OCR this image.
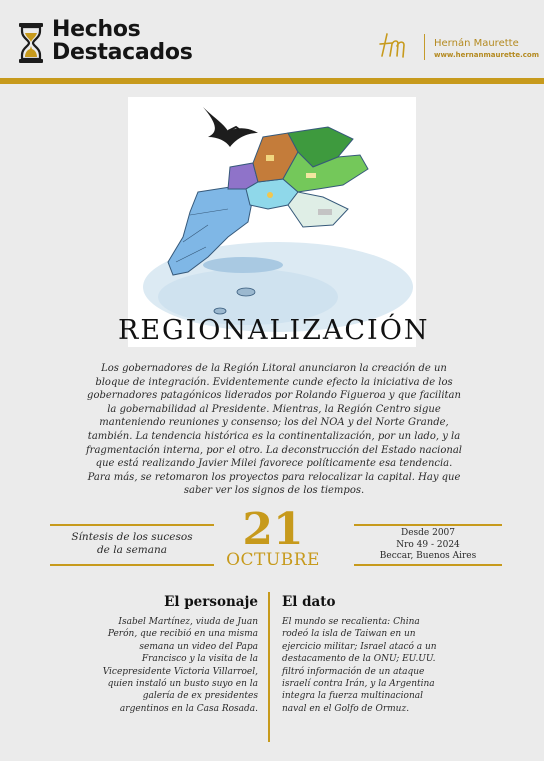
Hechos
Destacados	Hernán Maurette
www.hernanmaurette.com
REGIONALIZACIÓN

Los gobernadores de la Región Litoral anunciaron la creación de un bloque de integración. Evidentemente cunde efecto la iniciativa de los gobernadores patagónicos liderados por Rolando Figueroa y que facilitan la gobernabilidad al Presidente. Mientras, la Región Centro sigue manteniendo reuniones y consenso; los del NOA y del Norte Grande, también. La tendencia histórica es la continentalización, por un lado, y la fragmentación interna, por el otro. La deconstrucción del Estado nacional que está realizando Javier Milei favorece políticamente esa tendencia. Para más, se retomaron los proyectos para relocalizar la capital. Hay que saber ver los signos de los tiempos.

Síntesis de los sucesos
de la semana	21
OCTUBRE
Desde 2007
Nro 49 - 2024
Beccar, Buenos Aires
El personaje

Isabel Martínez, viuda de Juan Perón, que recibió en una misma semana un video del Papa Francisco y la visita de la Vicepresidente Victoria Villarroel, quien instaló un busto suyo en la galería de ex presidentes argentinos en la Casa Rosada.

El dato

El mundo se recalienta: China rodeó la isla de Taiwan en un ejercicio militar; Israel atacó a un destacamento de la ONU; EU.UU. filtró información de un ataque israelí contra Irán, y la Argentina integra la fuerza multinacional naval en el Golfo de Ormuz.
